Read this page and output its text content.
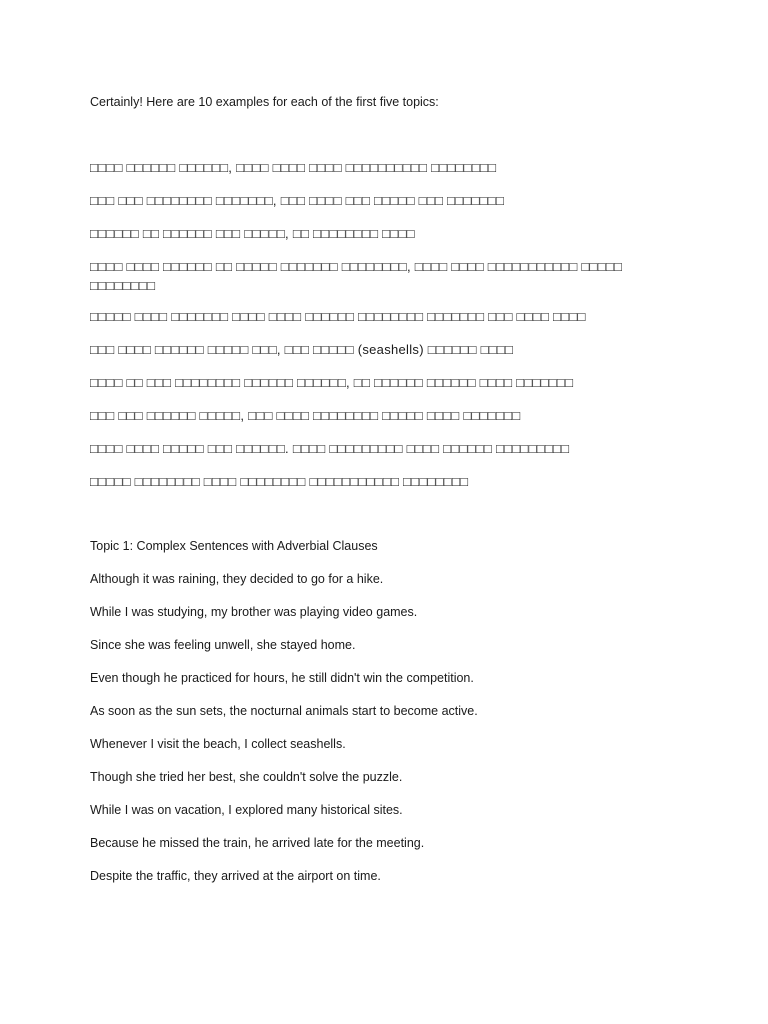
Certainly! Here are 10 examples for each of the first five topics:
□□□□ □□□□□□ □□□□□□, □□□□ □□□□ □□□□ □□□□□□□□□□ □□□□□□□□
□□□ □□□ □□□□□□□□ □□□□□□□, □□□ □□□□ □□□ □□□□□ □□□ □□□□□□□
□□□□□□ □□ □□□□□□ □□□ □□□□□, □□ □□□□□□□□ □□□□
□□□□ □□□□ □□□□□□ □□ □□□□□ □□□□□□□ □□□□□□□□, □□□□ □□□□ □□□□□□□□□□□ □□□□□ □□□□□□□□
□□□□□ □□□□ □□□□□□□ □□□□ □□□□ □□□□□□ □□□□□□□□ □□□□□□□ □□□ □□□□ □□□□
□□□ □□□□ □□□□□□ □□□□□ □□□, □□□ □□□□□ (seashells) □□□□□□ □□□□
□□□□ □□ □□□ □□□□□□□□ □□□□□□ □□□□□□, □□ □□□□□□ □□□□□□ □□□□ □□□□□□□
□□□ □□□ □□□□□□ □□□□□, □□□ □□□□ □□□□□□□□ □□□□□ □□□□ □□□□□□□
□□□□ □□□□ □□□□□ □□□ □□□□□□. □□□□ □□□□□□□□□ □□□□ □□□□□□ □□□□□□□□□
□□□□□ □□□□□□□□ □□□□ □□□□□□□□ □□□□□□□□□□□ □□□□□□□□
Topic 1: Complex Sentences with Adverbial Clauses
Although it was raining, they decided to go for a hike.
While I was studying, my brother was playing video games.
Since she was feeling unwell, she stayed home.
Even though he practiced for hours, he still didn't win the competition.
As soon as the sun sets, the nocturnal animals start to become active.
Whenever I visit the beach, I collect seashells.
Though she tried her best, she couldn't solve the puzzle.
While I was on vacation, I explored many historical sites.
Because he missed the train, he arrived late for the meeting.
Despite the traffic, they arrived at the airport on time.
